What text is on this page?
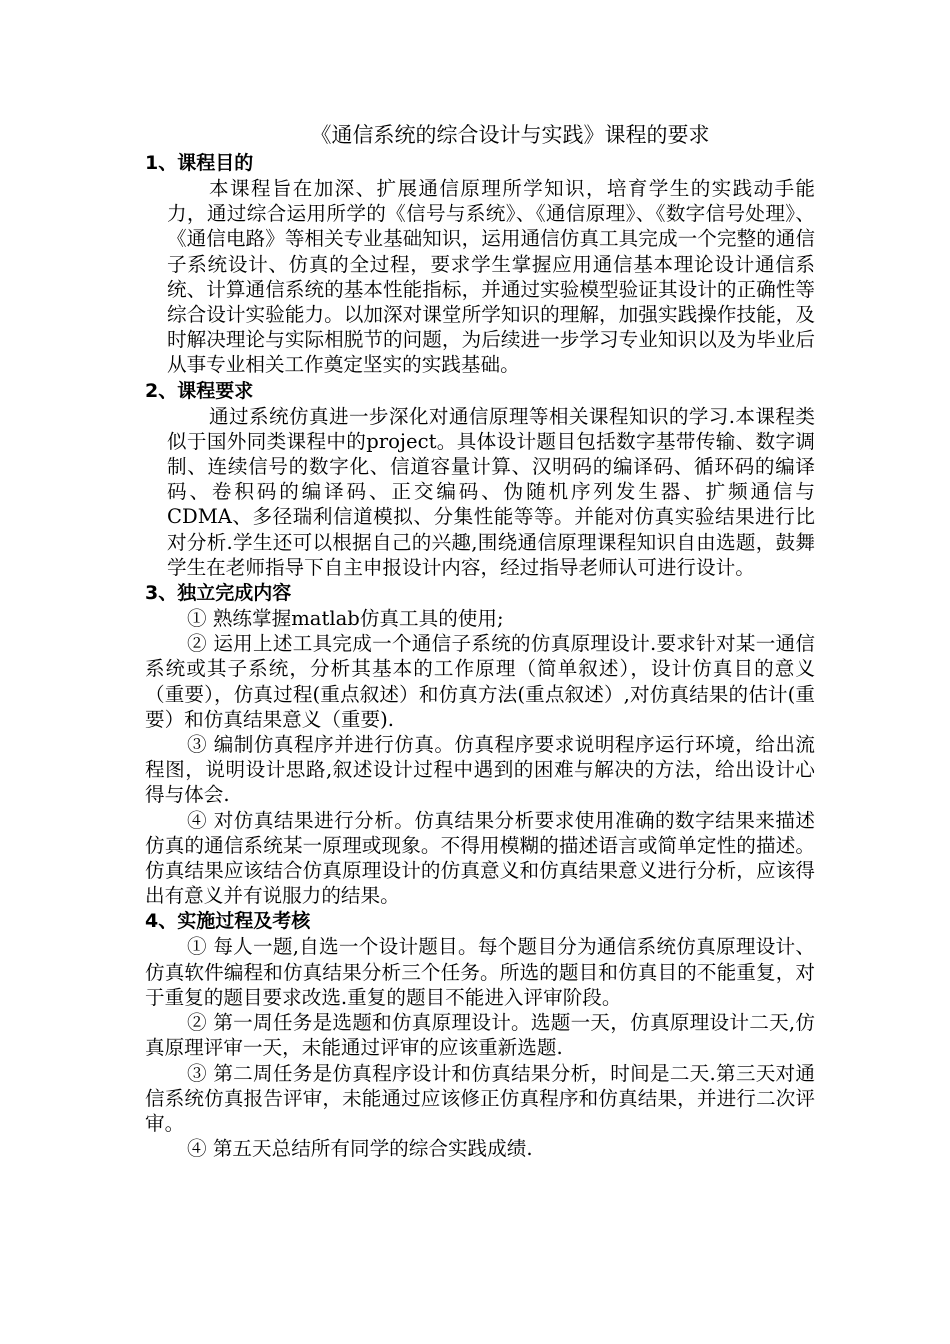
《通信系统的综合设计与实践》课程的要求
1、课程目的

本课程旨在加深、扩展通信原理所学知识，培育学生的实践动手能力，通过综合运用所学的《信号与系统》、《通信原理》、《数字信号处理》、《通信电路》等相关专业基础知识，运用通信仿真工具完成一个完整的通信子系统设计、仿真的全过程，要求学生掌握应用通信基本理论设计通信系统、计算通信系统的基本性能指标，并通过实验模型验证其设计的正确性等综合设计实验能力。以加深对课堂所学知识的理解，加强实践操作技能，及时解决理论与实际相脱节的问题，为后续进一步学习专业知识以及为毕业后从事专业相关工作奠定坚实的实践基础。

2、课程要求

通过系统仿真进一步深化对通信原理等相关课程知识的学习.本课程类似于国外同类课程中的project。具体设计题目包括数字基带传输、数字调制、连续信号的数字化、信道容量计算、汉明码的编译码、循环码的编译码、卷积码的编译码、正交编码、伪随机序列发生器、扩频通信与CDMA、多径瑞利信道模拟、分集性能等等。并能对仿真实验结果进行比对分析.学生还可以根据自己的兴趣,围绕通信原理课程知识自由选题，鼓舞学生在老师指导下自主申报设计内容，经过指导老师认可进行设计。

3、独立完成内容

① 熟练掌握matlab仿真工具的使用;

② 运用上述工具完成一个通信子系统的仿真原理设计.要求针对某一通信系统或其子系统，分析其基本的工作原理（简单叙述），设计仿真目的意义（重要），仿真过程(重点叙述）和仿真方法(重点叙述）,对仿真结果的估计(重要）和仿真结果意义（重要).

③ 编制仿真程序并进行仿真。仿真程序要求说明程序运行环境，给出流程图，说明设计思路,叙述设计过程中遇到的困难与解决的方法，给出设计心得与体会.

④ 对仿真结果进行分析。仿真结果分析要求使用准确的数字结果来描述仿真的通信系统某一原理或现象。不得用模糊的描述语言或简单定性的描述。仿真结果应该结合仿真原理设计的仿真意义和仿真结果意义进行分析，应该得出有意义并有说服力的结果。

4、实施过程及考核

① 每人一题,自选一个设计题目。每个题目分为通信系统仿真原理设计、仿真软件编程和仿真结果分析三个任务。所选的题目和仿真目的不能重复，对于重复的题目要求改选.重复的题目不能进入评审阶段。

② 第一周任务是选题和仿真原理设计。选题一天，仿真原理设计二天,仿真原理评审一天，未能通过评审的应该重新选题.

③ 第二周任务是仿真程序设计和仿真结果分析，时间是二天.第三天对通信系统仿真报告评审，未能通过应该修正仿真程序和仿真结果，并进行二次评审。

④ 第五天总结所有同学的综合实践成绩.
